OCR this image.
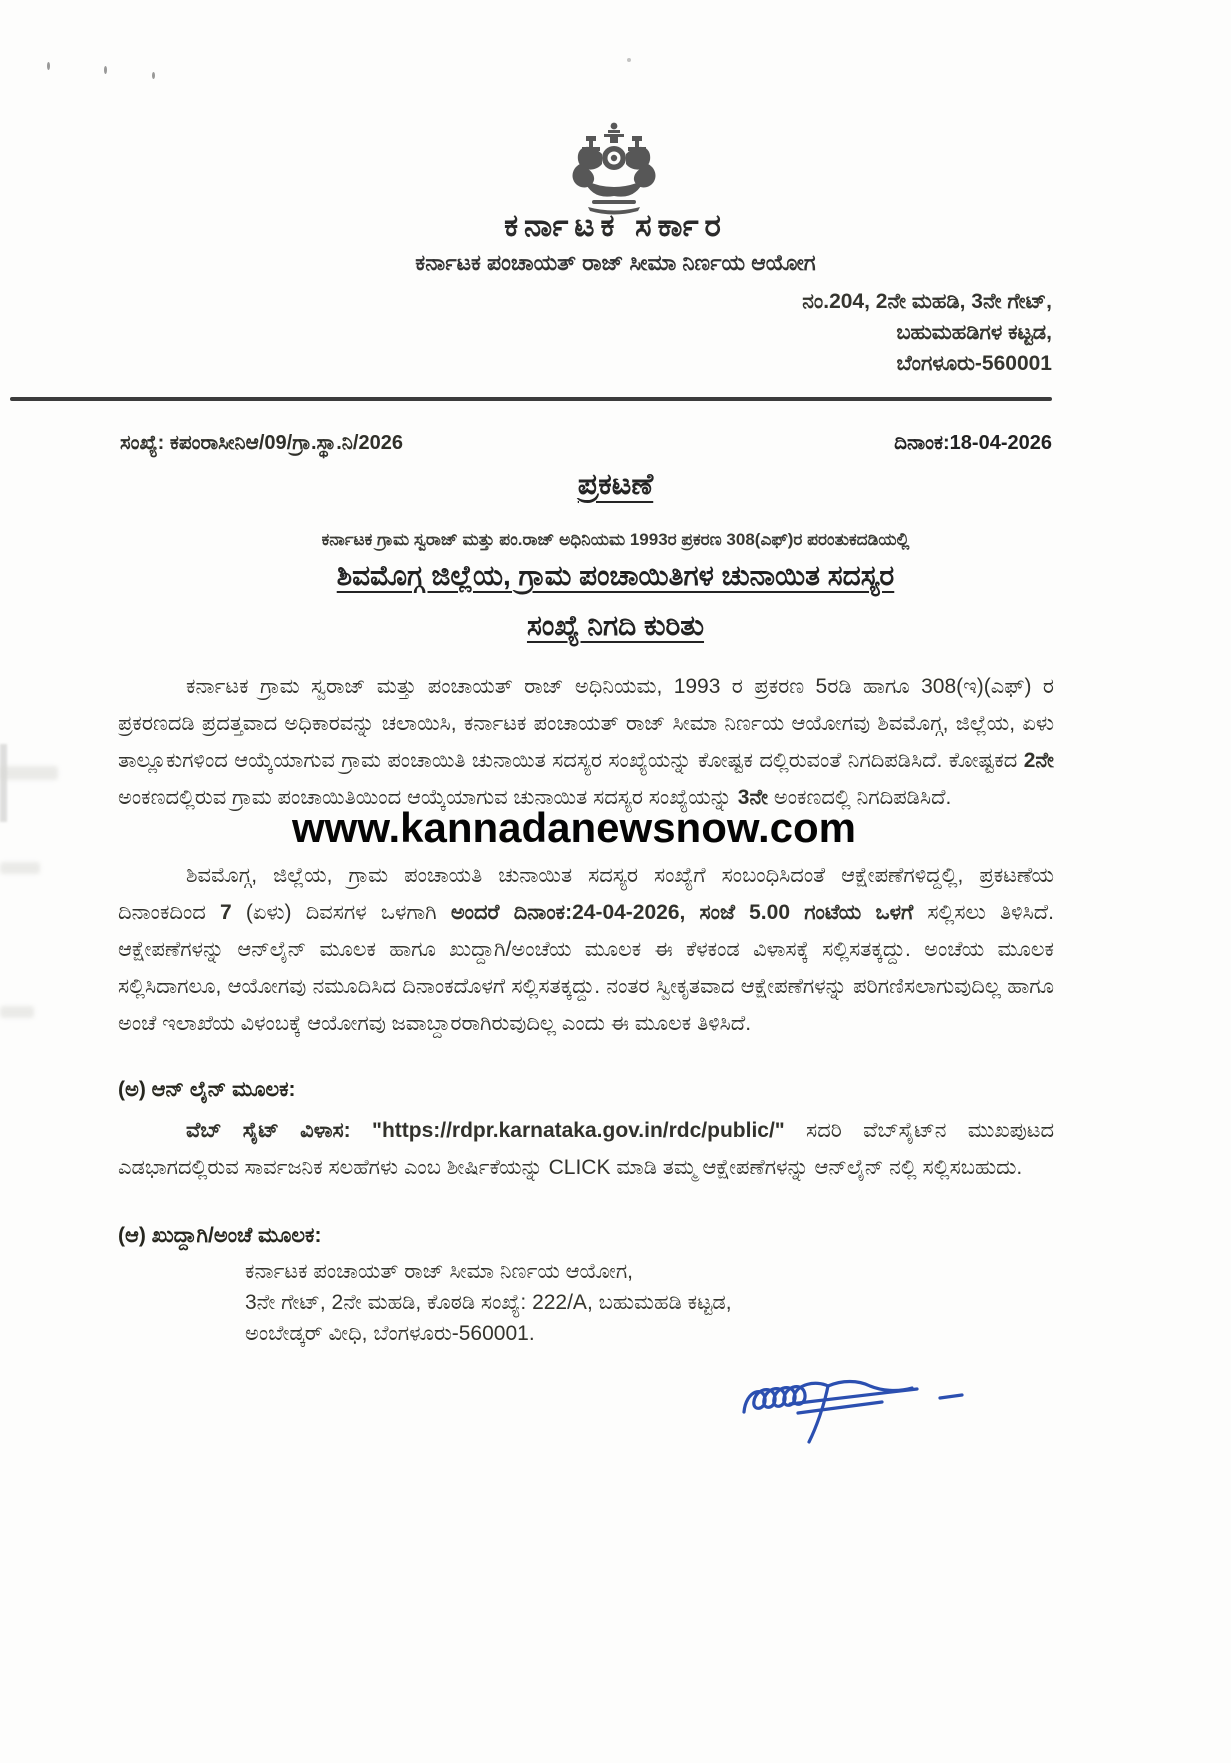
ಕರ್ನಾಟಕ ಸರ್ಕಾರ
ಕರ್ನಾಟಕ ಪಂಚಾಯತ್ ರಾಜ್ ಸೀಮಾ ನಿರ್ಣಯ ಆಯೋಗ
ನಂ.204, 2ನೇ ಮಹಡಿ, 3ನೇ ಗೇಟ್,
ಬಹುಮಹಡಿಗಳ ಕಟ್ಟಡ,
ಬೆಂಗಳೂರು-560001
ಸಂಖ್ಯೆ: ಕಪಂರಾಸೀನಿಆ/09/ಗ್ರಾ.ಸ್ಥಾ.ನಿ/2026	ದಿನಾಂಕ:18-04-2026
ಪ್ರಕಟಣೆ
ಕರ್ನಾಟಕ ಗ್ರಾಮ ಸ್ವರಾಜ್ ಮತ್ತು ಪಂ.ರಾಜ್ ಅಧಿನಿಯಮ 1993ರ ಪ್ರಕರಣ 308(ಎಫ್)ರ ಪರಂತುಕದಡಿಯಲ್ಲಿ
ಶಿವಮೊಗ್ಗ ಜಿಲ್ಲೆಯ, ಗ್ರಾಮ ಪಂಚಾಯಿತಿಗಳ ಚುನಾಯಿತ ಸದಸ್ಯರ
ಸಂಖ್ಯೆ ನಿಗದಿ ಕುರಿತು
ಕರ್ನಾಟಕ ಗ್ರಾಮ ಸ್ವರಾಜ್ ಮತ್ತು ಪಂಚಾಯತ್ ರಾಜ್ ಅಧಿನಿಯಮ, 1993 ರ ಪ್ರಕರಣ 5ರಡಿ ಹಾಗೂ 308(ಇ)(ಎಫ್) ರ ಪ್ರಕರಣದಡಿ ಪ್ರದತ್ತವಾದ ಅಧಿಕಾರವನ್ನು ಚಲಾಯಿಸಿ, ಕರ್ನಾಟಕ ಪಂಚಾಯತ್ ರಾಜ್ ಸೀಮಾ ನಿರ್ಣಯ ಆಯೋಗವು ಶಿವಮೊಗ್ಗ, ಜಿಲ್ಲೆಯ, ಏಳು ತಾಲ್ಲೂಕುಗಳಿಂದ ಆಯ್ಕೆಯಾಗುವ ಗ್ರಾಮ ಪಂಚಾಯಿತಿ ಚುನಾಯಿತ ಸದಸ್ಯರ ಸಂಖ್ಯೆಯನ್ನು ಕೋಷ್ಟಕ ದಲ್ಲಿರುವಂತೆ ನಿಗದಿಪಡಿಸಿದೆ. ಕೋಷ್ಟಕದ 2ನೇ ಅಂಕಣದಲ್ಲಿರುವ ಗ್ರಾಮ ಪಂಚಾಯಿತಿಯಿಂದ ಆಯ್ಕೆಯಾಗುವ ಚುನಾಯಿತ ಸದಸ್ಯರ ಸಂಖ್ಯೆಯನ್ನು 3ನೇ ಅಂಕಣದಲ್ಲಿ ನಿಗದಿಪಡಿಸಿದೆ.
www.kannadanewsnow.com
ಶಿವಮೊಗ್ಗ, ಜಿಲ್ಲೆಯ, ಗ್ರಾಮ ಪಂಚಾಯತಿ ಚುನಾಯಿತ ಸದಸ್ಯರ ಸಂಖ್ಯೆಗೆ ಸಂಬಂಧಿಸಿದಂತೆ ಆಕ್ಷೇಪಣೆಗಳಿದ್ದಲ್ಲಿ, ಪ್ರಕಟಣೆಯ ದಿನಾಂಕದಿಂದ 7 (ಏಳು) ದಿವಸಗಳ ಒಳಗಾಗಿ ಅಂದರೆ ದಿನಾಂಕ:24-04-2026, ಸಂಜೆ 5.00 ಗಂಟೆಯ ಒಳಗೆ ಸಲ್ಲಿಸಲು ತಿಳಿಸಿದೆ. ಆಕ್ಷೇಪಣೆಗಳನ್ನು ಆನ್‌ಲೈನ್ ಮೂಲಕ ಹಾಗೂ ಖುದ್ದಾಗಿ/ಅಂಚೆಯ ಮೂಲಕ ಈ ಕೆಳಕಂಡ ವಿಳಾಸಕ್ಕೆ ಸಲ್ಲಿಸತಕ್ಕದ್ದು. ಅಂಚೆಯ ಮೂಲಕ ಸಲ್ಲಿಸಿದಾಗಲೂ, ಆಯೋಗವು ನಮೂದಿಸಿದ ದಿನಾಂಕದೊಳಗೆ ಸಲ್ಲಿಸತಕ್ಕದ್ದು. ನಂತರ ಸ್ವೀಕೃತವಾದ ಆಕ್ಷೇಪಣೆಗಳನ್ನು ಪರಿಗಣಿಸಲಾಗುವುದಿಲ್ಲ ಹಾಗೂ ಅಂಚೆ ಇಲಾಖೆಯ ವಿಳಂಬಕ್ಕೆ ಆಯೋಗವು ಜವಾಬ್ದಾರರಾಗಿರುವುದಿಲ್ಲ ಎಂದು ಈ ಮೂಲಕ ತಿಳಿಸಿದೆ.
(ಅ) ಆನ್ ಲೈನ್ ಮೂಲಕ:
ವೆಬ್ ಸೈಟ್ ವಿಳಾಸ: "https://rdpr.karnataka.gov.in/rdc/public/" ಸದರಿ ವೆಬ್‌ಸೈಟ್‌ನ ಮುಖಪುಟದ ಎಡಭಾಗದಲ್ಲಿರುವ ಸಾರ್ವಜನಿಕ ಸಲಹೆಗಳು ಎಂಬ ಶೀರ್ಷಿಕೆಯನ್ನು CLICK ಮಾಡಿ ತಮ್ಮ ಆಕ್ಷೇಪಣೆಗಳನ್ನು ಆನ್‌ಲೈನ್ ನಲ್ಲಿ ಸಲ್ಲಿಸಬಹುದು.
(ಆ) ಖುದ್ದಾಗಿ/ಅಂಚೆ ಮೂಲಕ:
ಕರ್ನಾಟಕ ಪಂಚಾಯತ್ ರಾಜ್ ಸೀಮಾ ನಿರ್ಣಯ ಆಯೋಗ,
3ನೇ ಗೇಟ್, 2ನೇ ಮಹಡಿ, ಕೊಠಡಿ ಸಂಖ್ಯೆ: 222/A, ಬಹುಮಹಡಿ ಕಟ್ಟಡ,
ಅಂಬೇಡ್ಕರ್ ವೀಧಿ, ಬೆಂಗಳೂರು-560001.
